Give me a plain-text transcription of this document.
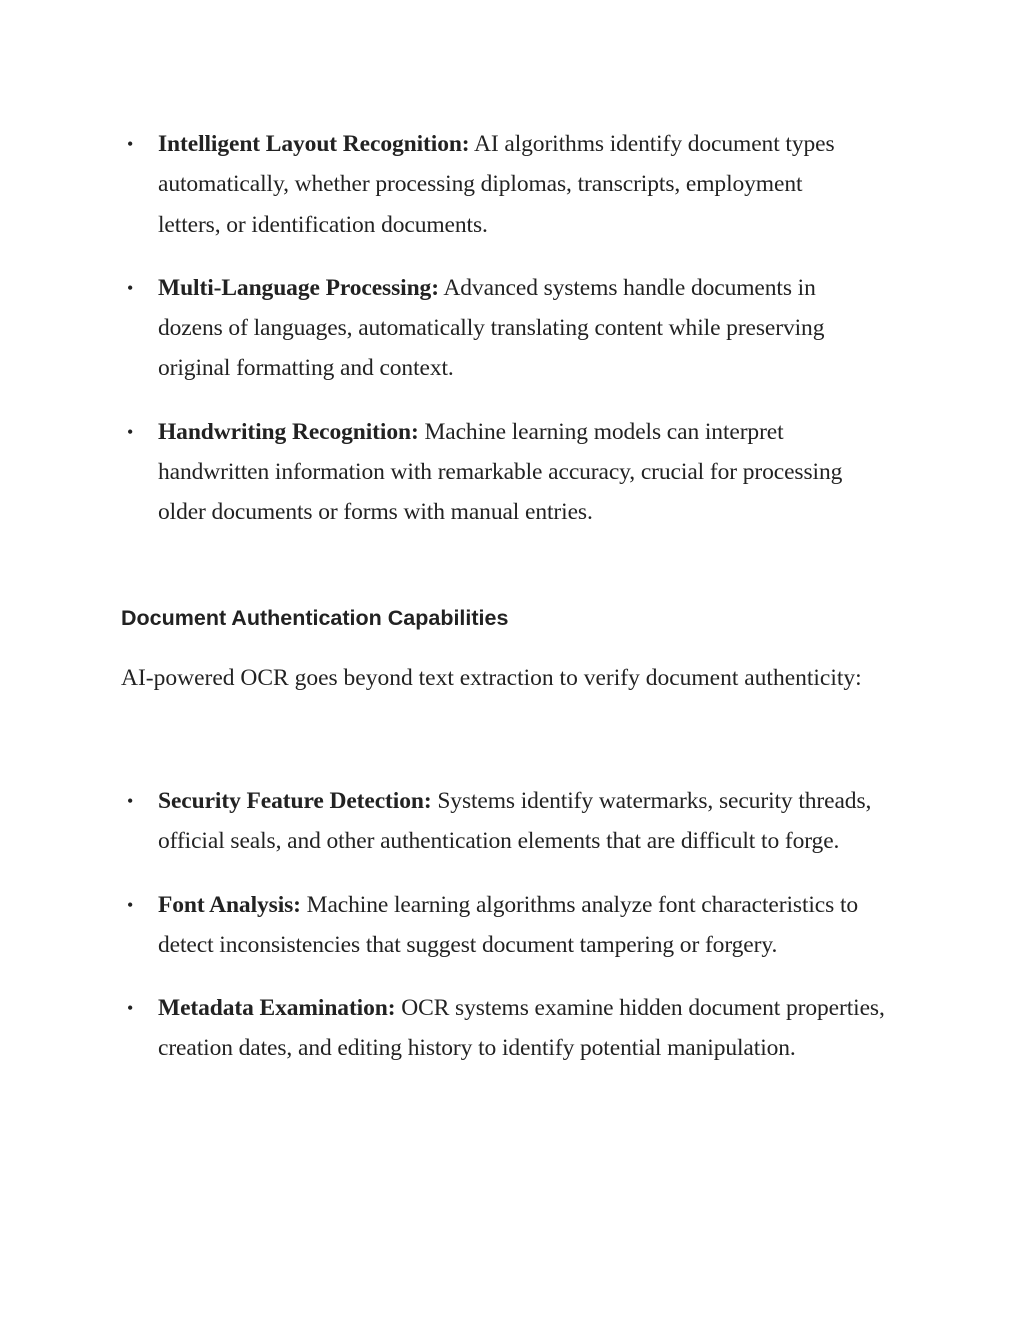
• Intelligent Layout Recognition: AI algorithms identify document types automatically, whether processing diplomas, transcripts, employment letters, or identification documents.
• Multi-Language Processing: Advanced systems handle documents in dozens of languages, automatically translating content while preserving original formatting and context.
• Handwriting Recognition: Machine learning models can interpret handwritten information with remarkable accuracy, crucial for processing older documents or forms with manual entries.
Document Authentication Capabilities

AI-powered OCR goes beyond text extraction to verify document authenticity:

• Security Feature Detection: Systems identify watermarks, security threads, official seals, and other authentication elements that are difficult to forge.
• Font Analysis: Machine learning algorithms analyze font characteristics to detect inconsistencies that suggest document tampering or forgery.
• Metadata Examination: OCR systems examine hidden document properties, creation dates, and editing history to identify potential manipulation.
